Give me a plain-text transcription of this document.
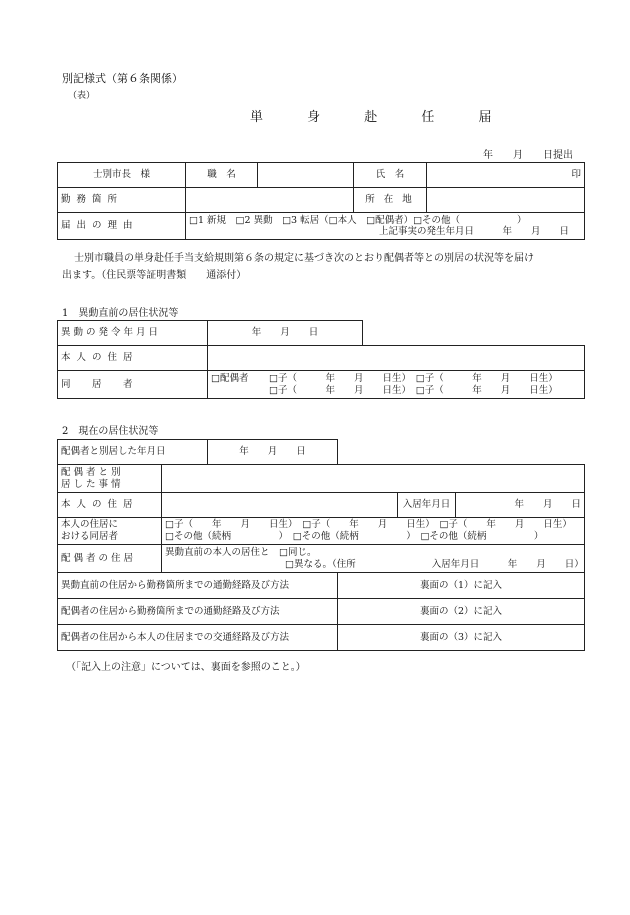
別記様式（第６条関係）
（表）
単 身 赴 任 届
年　　月　　日提出
士別市長　様	職　名		氏　名	印
勤務箇所			所 在 地	
届出の理由	□1 新規　□2 異動　□3 転居（□本人　□配偶者）□その他（　　　　　　）
上記事実の発生年月日　　　年　　月　　日			
士別市職員の単身赴任手当支給規則第６条の規定に基づき次のとおり配偶者等との別居の状況等を届け
出ます。（住民票等証明書類　　通添付）
1　異動直前の居住状況等
異動の発令年月日	年　　月　　日	
本人の住居		
同　居　者	□配偶者 □子（　　　年　　月　　日生）　□子（　　　年　　月　　日生）
□子（　　　年　　月　　日生）　□子（　　　年　　月　　日生）	
2　現在の居住状況等
配偶者と別居した年月日		年　　月　　日			

配偶者と別
居した事情					

本人の住居				入居年月日	年　　月　　日

本人の住居に
おける同居者	□子（　　年　　月　　日生）　□子（　　年　　月　　日生）　□子（　　年　　月　　日生）
□その他（続柄　　　　　）　□その他（続柄　　　　　）　□その他（続柄　　　　　）				

配偶者の住居	異動直前の本人の居住と　□同じ。
□異なる。（住所　　　　　　　　入居年月日　　　年　　月　　日）				

異動直前の住居から勤務箇所までの通勤経路及び方法			裏面の（1）に記入		
配偶者の住居から勤務箇所までの通勤経路及び方法			裏面の（2）に記入		
配偶者の住居から本人の住居までの交通経路及び方法			裏面の（3）に記入		
（「記入上の注意」については、裏面を参照のこと。）
